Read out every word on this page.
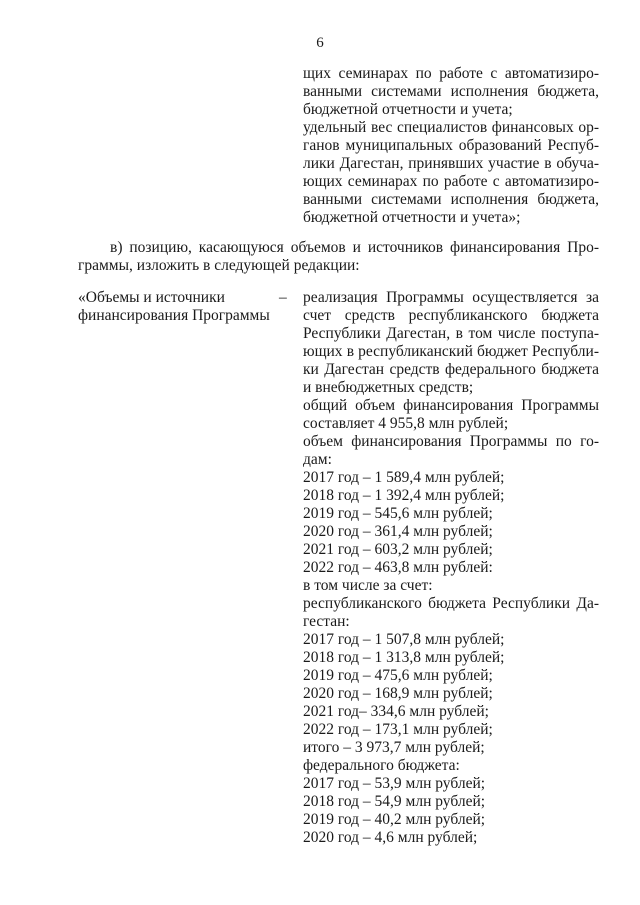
6
щих семинарах по работе с автоматизиро-
ванными системами исполнения бюджета,
бюджетной отчетности и учета;
удельный вес специалистов финансовых ор-
ганов муниципальных образований Респуб-
лики Дагестан, принявших участие в обуча-
ющих семинарах по работе с автоматизиро-
ванными системами исполнения бюджета,
бюджетной отчетности и учета»;
в) позицию, касающуюся объемов и источников финансирования Про-
граммы, изложить в следующей редакции:
«Объемы и источники
финансирования Программы
– реализация Программы осуществляется за
счет средств республиканского бюджета
Республики Дагестан, в том числе поступа-
ющих в республиканский бюджет Республи-
ки Дагестан средств федерального бюджета
и внебюджетных средств;
общий объем финансирования Программы
составляет 4 955,8 млн рублей;
объем финансирования Программы по го-
дам:
2017 год – 1 589,4 млн рублей;
2018 год – 1 392,4 млн рублей;
2019 год – 545,6 млн рублей;
2020 год – 361,4 млн рублей;
2021 год – 603,2 млн рублей;
2022 год – 463,8 млн рублей:
в том числе за счет:
республиканского бюджета Республики Да-
гестан:
2017 год – 1 507,8 млн рублей;
2018 год – 1 313,8 млн рублей;
2019 год – 475,6 млн рублей;
2020 год – 168,9 млн рублей;
2021 год– 334,6 млн рублей;
2022 год – 173,1 млн рублей;
итого – 3 973,7 млн рублей;
федерального бюджета:
2017 год – 53,9 млн рублей;
2018 год – 54,9 млн рублей;
2019 год – 40,2 млн рублей;
2020 год – 4,6 млн рублей;
